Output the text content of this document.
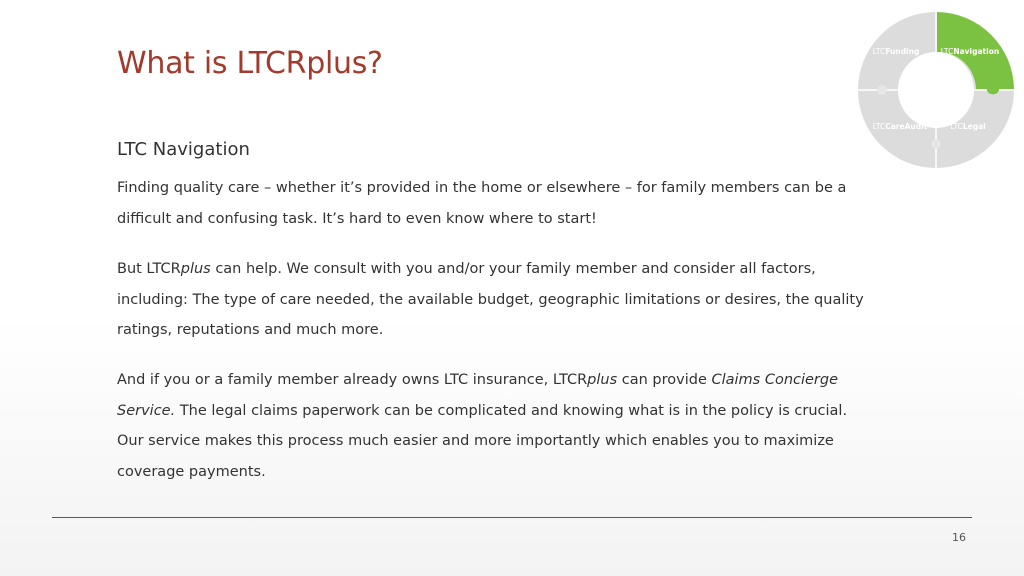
What is LTCRplus?	LTCFunding	LTCNavigation
LTCCareAudit	LTCLegal
LTC Navigation

Finding quality care – whether it’s provided in the home or elsewhere – for family members can be a difficult and confusing task. It’s hard to even know where to start!

But LTCRplus can help. We consult with you and/or your family member and consider all factors, including: The type of care needed, the available budget, geographic limitations or desires, the quality ratings, reputations and much more.

And if you or a family member already owns LTC insurance, LTCRplus can provide Claims Concierge Service. The legal claims paperwork can be complicated and knowing what is in the policy is crucial. Our service makes this process much easier and more importantly which enables you to maximize coverage payments.

16
